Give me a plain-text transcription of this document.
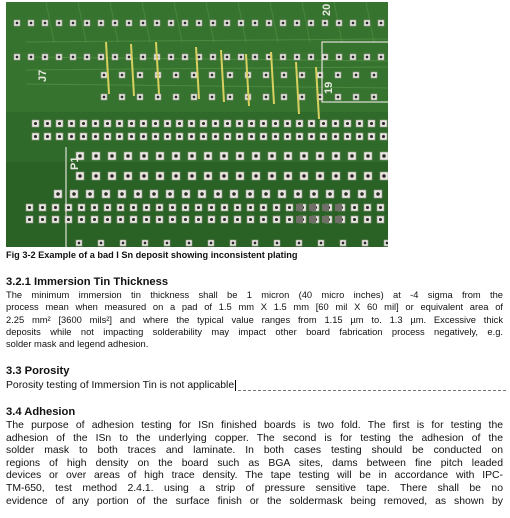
J7
P1
19
20
Fig 3-2 Example of a bad I Sn deposit showing inconsistent plating
3.2.1 Immersion Tin Thickness
The minimum immersion tin thickness shall be 1 micron (40 micro inches) at -4 sigma from the
process mean when measured on a pad of 1.5 mm X 1.5 mm [60 mil X 60 mil] or equivalent area of
2.25 mm² [3600 mils²] and where the typical value ranges from 1.15 µm to. 1.3 µm. Excessive thick
deposits while not impacting solderability may impact other board fabrication process negatively, e.g.
solder mask and legend adhesion.
3.3 Porosity
Porosity testing of Immersion Tin is not applicable
3.4 Adhesion
The purpose of adhesion testing for ISn finished boards is two fold. The first is for testing the
adhesion of the ISn to the underlying copper. The second is for testing the adhesion of the
solder mask to both traces and laminate. In both cases testing should be conducted on
regions of high density on the board such as BGA sites, dams between fine pitch leaded
devices or over areas of high trace density. The tape testing will be in accordance with IPC-
TM-650, test method 2.4.1. using a strip of pressure sensitive tape. There shall be no
evidence of any portion of the surface finish or the soldermask being removed, as shown by
